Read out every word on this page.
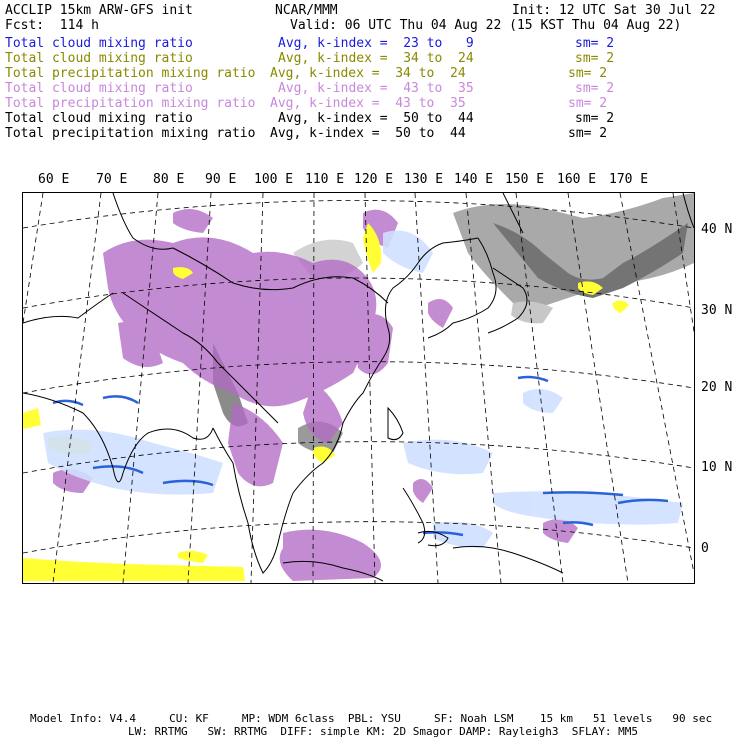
ACCLIP 15km ARW-GFS init	NCAR/MMM	Init: 12 UTC Sat 30 Jul 22
Fcst:  114 h	Valid: 06 UTC Thu 04 Aug 22 (15 KST Thu 04 Aug 22)
Total cloud mixing ratio	Avg, k-index =  23 to   9	sm= 2
Total cloud mixing ratio	Avg, k-index =  34 to  24	sm= 2
Total precipitation mixing ratio Avg, k-index =  34 to  24	sm= 2
Total cloud mixing ratio	Avg, k-index =  43 to  35	sm= 2
Total precipitation mixing ratio Avg, k-index =  43 to  35	sm= 2
Total cloud mixing ratio	Avg, k-index =  50 to  44	sm= 2
Total precipitation mixing ratio Avg, k-index =  50 to  44	sm= 2
60 E 70 E 80 E 90 E 100 E 110 E 120 E 130 E 140 E 150 E 160 E 170 E
40 N
30 N
20 N
10 N
0
Model Info: V4.4     CU: KF     MP: WDM 6class  PBL: YSU     SF: Noah LSM    15 km   51 levels   90 sec
LW: RRTMG   SW: RRTMG  DIFF: simple KM: 2D Smagor DAMP: Rayleigh3  SFLAY: MM5
